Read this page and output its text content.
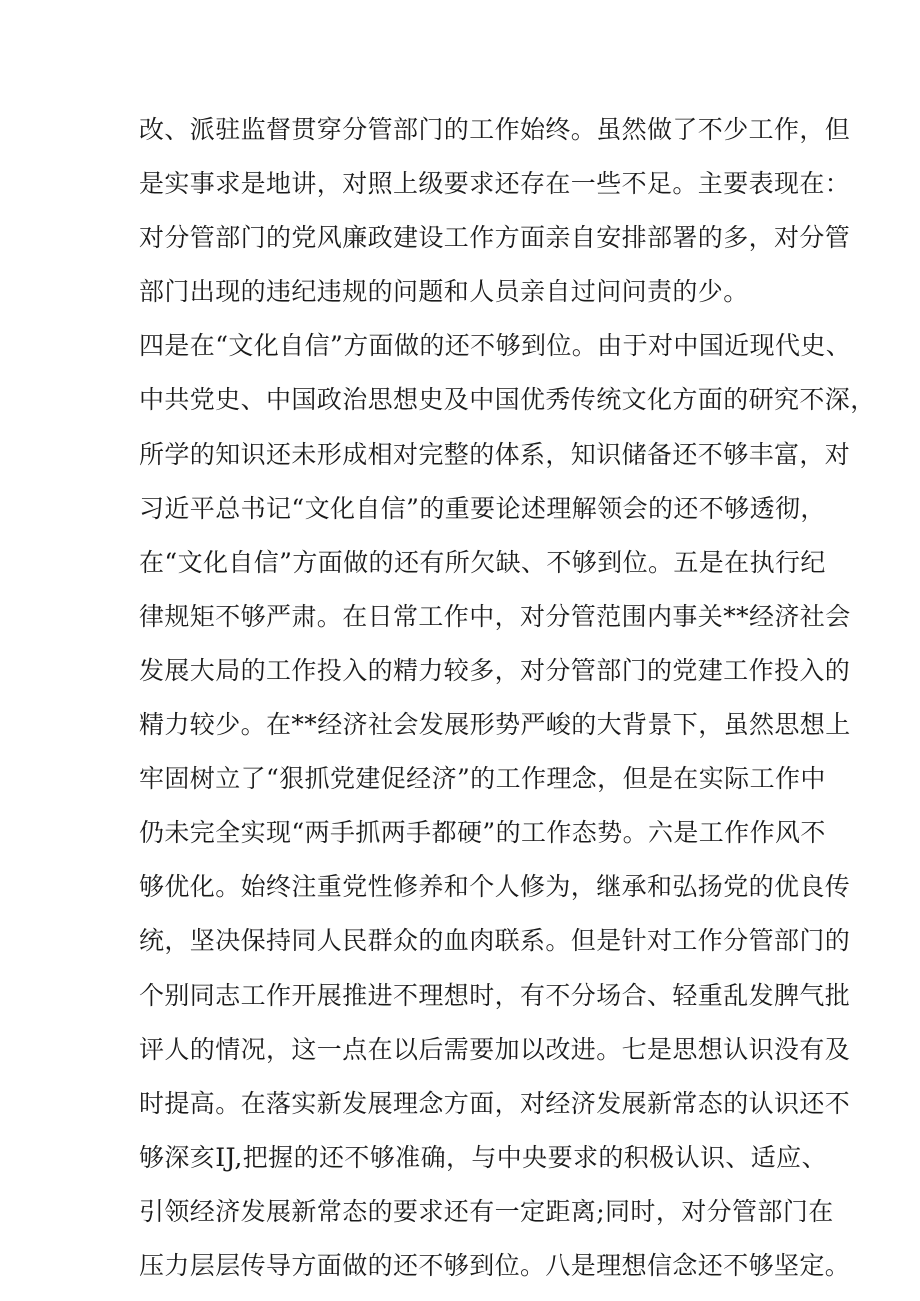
改、派驻监督贯穿分管部门的工作始终。虽然做了不少工作，但
是实事求是地讲，对照上级要求还存在一些不足。主要表现在：
对分管部门的党风廉政建设工作方面亲自安排部署的多，对分管
部门出现的违纪违规的问题和人员亲自过问问责的少。
四是在“文化自信”方面做的还不够到位。由于对中国近现代史、
中共党史、中国政治思想史及中国优秀传统文化方面的研究不深，
所学的知识还未形成相对完整的体系，知识储备还不够丰富，对
习近平总书记“文化自信”的重要论述理解领会的还不够透彻，
在“文化自信”方面做的还有所欠缺、不够到位。五是在执行纪
律规矩不够严肃。在日常工作中，对分管范围内事关**经济社会
发展大局的工作投入的精力较多，对分管部门的党建工作投入的
精力较少。在**经济社会发展形势严峻的大背景下，虽然思想上
牢固树立了“狠抓党建促经济”的工作理念，但是在实际工作中
仍未完全实现“两手抓两手都硬”的工作态势。六是工作作风不
够优化。始终注重党性修养和个人修为，继承和弘扬党的优良传
统，坚决保持同人民群众的血肉联系。但是针对工作分管部门的
个别同志工作开展推进不理想时，有不分场合、轻重乱发脾气批
评人的情况，这一点在以后需要加以改进。七是思想认识没有及
时提高。在落实新发展理念方面，对经济发展新常态的认识还不
够深亥IJ,把握的还不够准确，与中央要求的积极认识、适应、
引领经济发展新常态的要求还有一定距离;同时，对分管部门在
压力层层传导方面做的还不够到位。八是理想信念还不够坚定。
